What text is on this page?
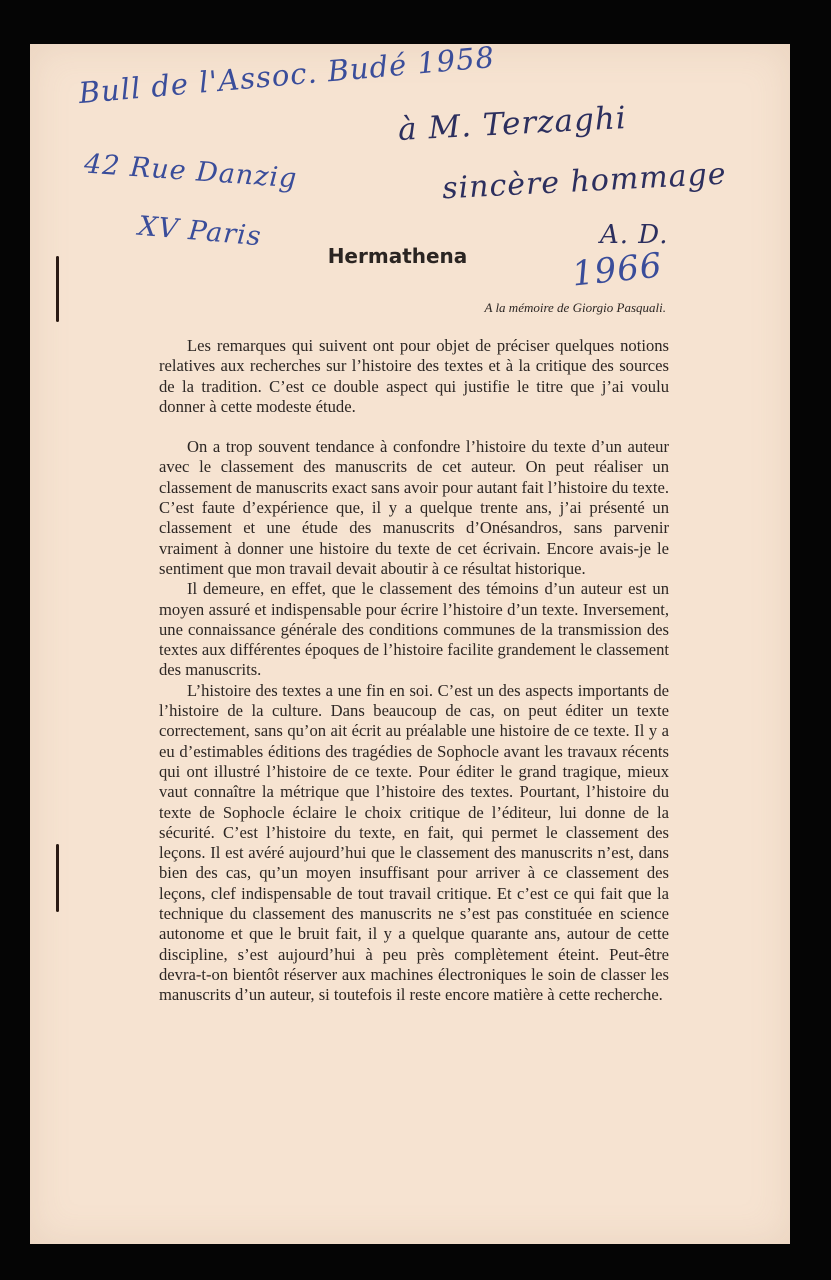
Bull de l'Assoc. Budé 1958
42 Rue Danzig
XV Paris
à M. Terzaghi
sincère hommage
A. D.
1966
Hermathena
A la mémoire de Giorgio Pasquali.

Les remarques qui suivent ont pour objet de préciser quelques notions relatives aux recherches sur l’histoire des textes et à la critique des sources de la tradition. C’est ce double aspect qui justifie le titre que j’ai voulu donner à cette modeste étude.

On a trop souvent tendance à confondre l’histoire du texte d’un auteur avec le classement des manuscrits de cet auteur. On peut réaliser un classement de manuscrits exact sans avoir pour autant fait l’histoire du texte. C’est faute d’expérience que, il y a quelque trente ans, j’ai présenté un classement et une étude des manuscrits d’Onésandros, sans parvenir vraiment à donner une histoire du texte de cet écrivain. Encore avais-je le sentiment que mon travail devait aboutir à ce résultat historique.

Il demeure, en effet, que le classement des témoins d’un auteur est un moyen assuré et indispensable pour écrire l’histoire d’un texte. Inversement, une connaissance générale des conditions communes de la transmission des textes aux différentes époques de l’histoire facilite grandement le classement des manuscrits.

L’histoire des textes a une fin en soi. C’est un des aspects importants de l’histoire de la culture. Dans beaucoup de cas, on peut éditer un texte correctement, sans qu’on ait écrit au préalable une histoire de ce texte. Il y a eu d’estimables éditions des tragédies de Sophocle avant les travaux récents qui ont illustré l’histoire de ce texte. Pour éditer le grand tragique, mieux vaut connaître la métrique que l’histoire des textes. Pourtant, l’histoire du texte de Sophocle éclaire le choix critique de l’éditeur, lui donne de la sécurité. C’est l’histoire du texte, en fait, qui permet le classement des leçons. Il est avéré aujourd’hui que le classement des manuscrits n’est, dans bien des cas, qu’un moyen insuffisant pour arriver à ce classement des leçons, clef indispensable de tout travail critique. Et c’est ce qui fait que la technique du classement des manuscrits ne s’est pas constituée en science autonome et que le bruit fait, il y a quelque quarante ans, autour de cette discipline, s’est aujourd’hui à peu près complètement éteint. Peut-être devra-t-on bientôt réserver aux machines électroniques le soin de classer les manuscrits d’un auteur, si toutefois il reste encore matière à cette recherche.
